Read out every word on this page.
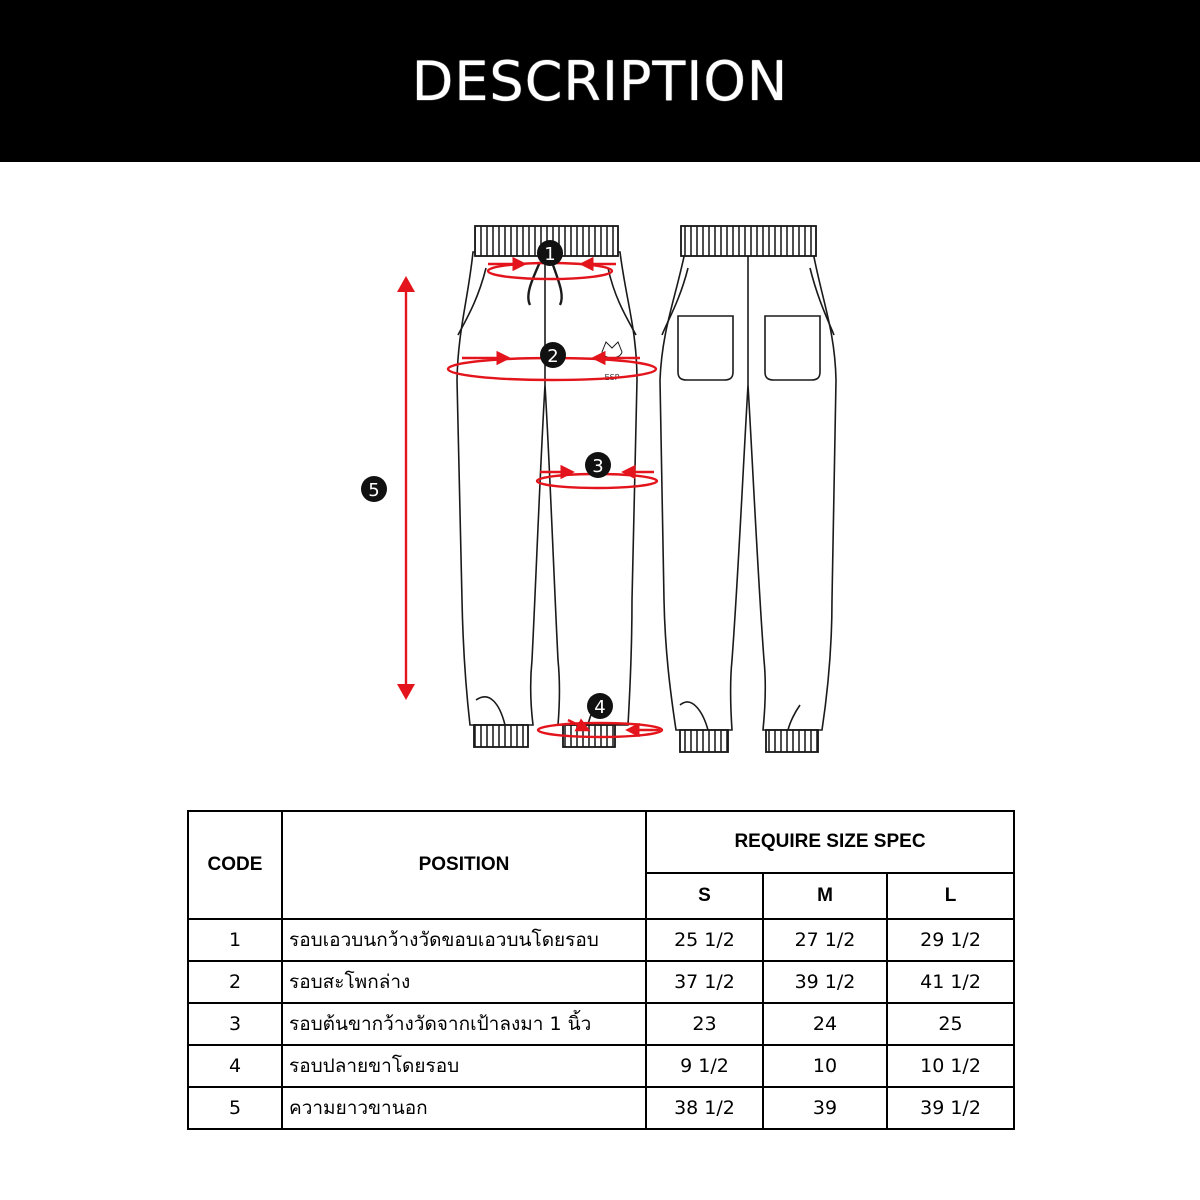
DESCRIPTION
ESP
1
2
3
4
5
CODE	POSITION	REQUIRE SIZE SPEC		
		S	M	L
1	รอบเอวบนกว้างวัดขอบเอวบนโดยรอบ	25 1/2	27 1/2	29 1/2
2	รอบสะโพกล่าง	37 1/2	39 1/2	41 1/2
3	รอบต้นขากว้างวัดจากเป้าลงมา 1 นิ้ว	23	24	25
4	รอบปลายขาโดยรอบ	9 1/2	10	10 1/2
5	ความยาวขานอก	38 1/2	39	39 1/2
